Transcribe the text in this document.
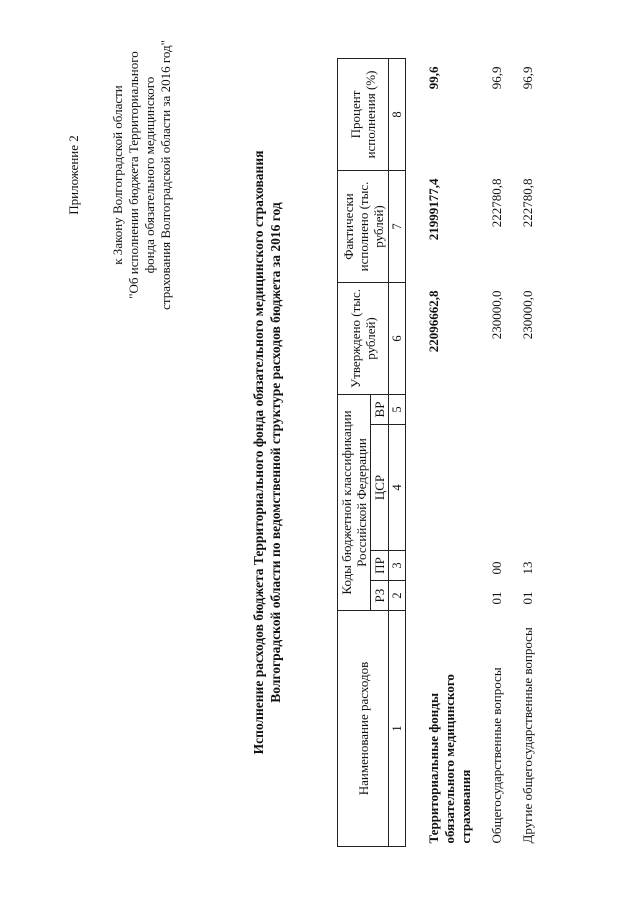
Приложение 2 к Закону Волгоградской области "Об исполнении бюджета Территориального фонда обязательного медицинского страхования Волгоградской области за 2016 год"	Исполнение расходов бюджета Территориального фонда обязательного медицинского страхования Волгоградской области по ведомственной структуре расходов бюджета за 2016 год
Наименование расходов	Коды бюджетной классификации Российской Федерации				Утверждено (тыс. рублей)	Фактически исполнено (тыс. рублей)	Процент исполнения (%)
	РЗ	ПР	ЦСР	ВР			
1	2	3	4	5	6	7	8

Территориальные фонды обязательного медицинского страхования					22096662,8	21999177,4	99,6
Общегосударственные вопросы	01	00			230000,0	222780,8	96,9
Другие общегосударственные вопросы	01	13			230000,0	222780,8	96,9
